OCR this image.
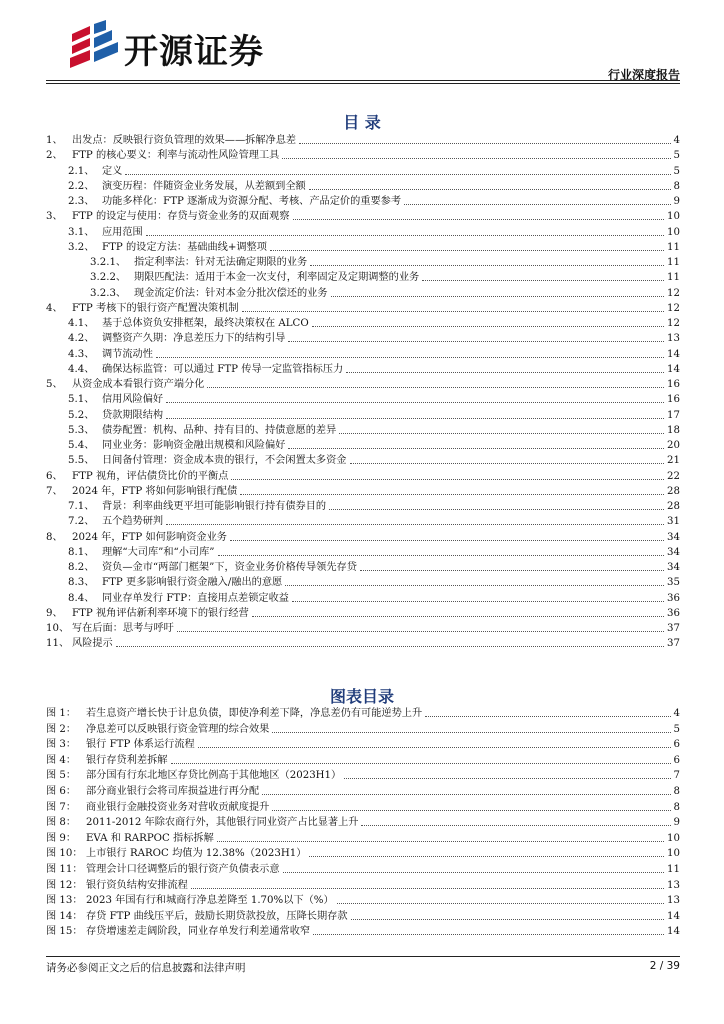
开源证券
行业深度报告
目 录
1、 出发点：反映银行资负管理的效果——拆解净息差	4
2、 FTP 的核心要义：利率与流动性风险管理工具	5
2.1、 定义	5
2.2、 演变历程：伴随资金业务发展，从差额到全额	8
2.3、 功能多样化：FTP 逐渐成为资源分配、考核、产品定价的重要参考	9
3、 FTP 的设定与使用：存贷与资金业务的双面观察	10
3.1、 应用范围	10
3.2、 FTP 的设定方法：基础曲线+调整项	11
3.2.1、 指定利率法：针对无法确定期限的业务	11
3.2.2、 期限匹配法：适用于本金一次支付，利率固定及定期调整的业务	11
3.2.3、 现金流定价法：针对本金分批次偿还的业务	12
4、 FTP 考核下的银行资产配置决策机制	12
4.1、 基于总体资负安排框架，最终决策权在 ALCO	12
4.2、 调整资产久期：净息差压力下的结构引导	13
4.3、 调节流动性	14
4.4、 确保达标监管：可以通过 FTP 传导一定监管指标压力	14
5、 从资金成本看银行资产端分化	16
5.1、 信用风险偏好	16
5.2、 贷款期限结构	17
5.3、 债券配置：机构、品种、持有目的、持债意愿的差异	18
5.4、 同业业务：影响资金融出规模和风险偏好	20
5.5、 日间备付管理：资金成本贵的银行，不会闲置太多资金	21
6、 FTP 视角，评估债贷比价的平衡点	22
7、 2024 年，FTP 将如何影响银行配债	28
7.1、 背景：利率曲线更平坦可能影响银行持有债券目的	28
7.2、 五个趋势研判	31
8、 2024 年，FTP 如何影响资金业务	34
8.1、 理解“大司库”和“小司库”	34
8.2、 资负—金市“两部门框架”下，资金业务价格传导领先存贷	34
8.3、 FTP 更多影响银行资金融入/融出的意愿	35
8.4、 同业存单发行 FTP：直接用点差锁定收益	36
9、 FTP 视角评估新利率环境下的银行经营	36
10、 写在后面：思考与呼吁	37
11、 风险提示	37
图表目录
图 1： 若生息资产增长快于计息负债，即使净利差下降，净息差仍有可能逆势上升	4
图 2： 净息差可以反映银行资金管理的综合效果	5
图 3： 银行 FTP 体系运行流程	6
图 4： 银行存贷利差拆解	6
图 5： 部分国有行东北地区存贷比例高于其他地区（2023H1）	7
图 6： 部分商业银行会将司库损益进行再分配	8
图 7： 商业银行金融投资业务对营收贡献度提升	8
图 8： 2011-2012 年除农商行外，其他银行同业资产占比显著上升	9
图 9： EVA 和 RARPOC 指标拆解	10
图 10： 上市银行 RAROC 均值为 12.38%（2023H1）	10
图 11： 管理会计口径调整后的银行资产负债表示意	11
图 12： 银行资负结构安排流程	13
图 13： 2023 年国有行和城商行净息差降至 1.70%以下（%）	13
图 14： 存贷 FTP 曲线压平后，鼓励长期贷款投放，压降长期存款	14
图 15： 存贷增速差走阔阶段，同业存单发行利差通常收窄	14
请务必参阅正文之后的信息披露和法律声明	2 / 39
